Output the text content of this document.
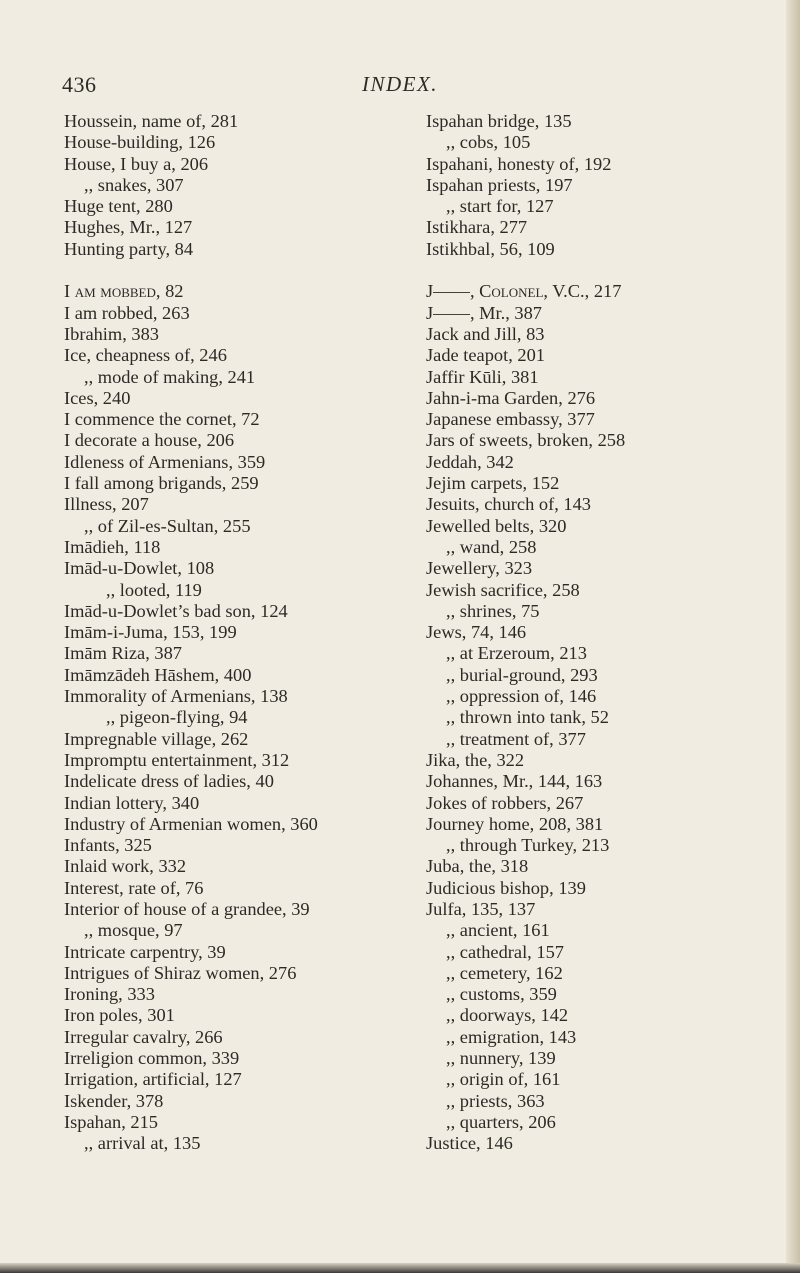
436	INDEX.
Houssein, name of, 281
House-building, 126
House, I buy a, 206
,, snakes, 307
Huge tent, 280
Hughes, Mr., 127
Hunting party, 84
I am mobbed, 82
I am robbed, 263
Ibrahim, 383
Ice, cheapness of, 246
,, mode of making, 241
Ices, 240
I commence the cornet, 72
I decorate a house, 206
Idleness of Armenians, 359
I fall among brigands, 259
Illness, 207
,, of Zil-es-Sultan, 255
Imādieh, 118
Imād-u-Dowlet, 108
,, looted, 119
Imād-u-Dowlet’s bad son, 124
Imām-i-Juma, 153, 199
Imām Riza, 387
Imāmzādeh Hāshem, 400
Immorality of Armenians, 138
,, pigeon-flying, 94
Impregnable village, 262
Impromptu entertainment, 312
Indelicate dress of ladies, 40
Indian lottery, 340
Industry of Armenian women, 360
Infants, 325
Inlaid work, 332
Interest, rate of, 76
Interior of house of a grandee, 39
,, mosque, 97
Intricate carpentry, 39
Intrigues of Shiraz women, 276
Ironing, 333
Iron poles, 301
Irregular cavalry, 266
Irreligion common, 339
Irrigation, artificial, 127
Iskender, 378
Ispahan, 215
,, arrival at, 135
Ispahan bridge, 135
,, cobs, 105
Ispahani, honesty of, 192
Ispahan priests, 197
,, start for, 127
Istikhara, 277
Istikhbal, 56, 109
J——, Colonel, V.C., 217
J——, Mr., 387
Jack and Jill, 83
Jade teapot, 201
Jaffir Kūli, 381
Jahn-i-ma Garden, 276
Japanese embassy, 377
Jars of sweets, broken, 258
Jeddah, 342
Jejim carpets, 152
Jesuits, church of, 143
Jewelled belts, 320
,, wand, 258
Jewellery, 323
Jewish sacrifice, 258
,, shrines, 75
Jews, 74, 146
,, at Erzeroum, 213
,, burial-ground, 293
,, oppression of, 146
,, thrown into tank, 52
,, treatment of, 377
Jika, the, 322
Johannes, Mr., 144, 163
Jokes of robbers, 267
Journey home, 208, 381
,, through Turkey, 213
Juba, the, 318
Judicious bishop, 139
Julfa, 135, 137
,, ancient, 161
,, cathedral, 157
,, cemetery, 162
,, customs, 359
,, doorways, 142
,, emigration, 143
,, nunnery, 139
,, origin of, 161
,, priests, 363
,, quarters, 206
Justice, 146
